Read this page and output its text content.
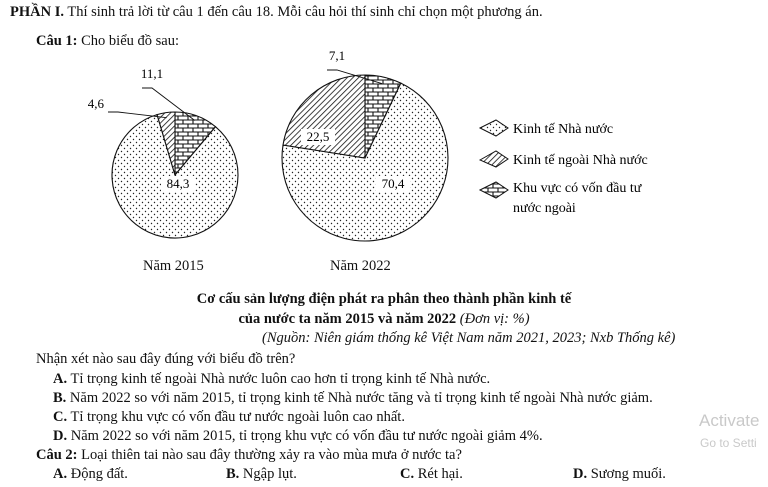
PHẦN I. Thí sinh trả lời từ câu 1 đến câu 18. Mỗi câu hỏi thí sinh chỉ chọn một phương án.
Câu 1: Cho biểu đồ sau:
84,3
4,6
11,1
70,4
22,5
7,1
Kinh tế Nhà nước
Kinh tế ngoài Nhà nước
Khu vực có vốn đầu tư
nước ngoài
Năm 2015	Năm 2022
Cơ cấu sản lượng điện phát ra phân theo thành phần kinh tế
của nước ta năm 2015 và năm 2022 (Đơn vị: %)
(Nguồn: Niên giám thống kê Việt Nam năm 2021, 2023; Nxb Thống kê)
Nhận xét nào sau đây đúng với biểu đồ trên?
A. Tỉ trọng kinh tế ngoài Nhà nước luôn cao hơn tỉ trọng kinh tế Nhà nước.
B. Năm 2022 so với năm 2015, tỉ trọng kinh tế Nhà nước tăng và tỉ trọng kinh tế ngoài Nhà nước giảm.
C. Tỉ trọng khu vực có vốn đầu tư nước ngoài luôn cao nhất.
D. Năm 2022 so với năm 2015, tỉ trọng khu vực có vốn đầu tư nước ngoài giảm 4%.
Câu 2: Loại thiên tai nào sau đây thường xảy ra vào mùa mưa ở nước ta?
A. Động đất.	B. Ngập lụt.	C. Rét hại.	D. Sương muối.
Activate
Go to Setti
